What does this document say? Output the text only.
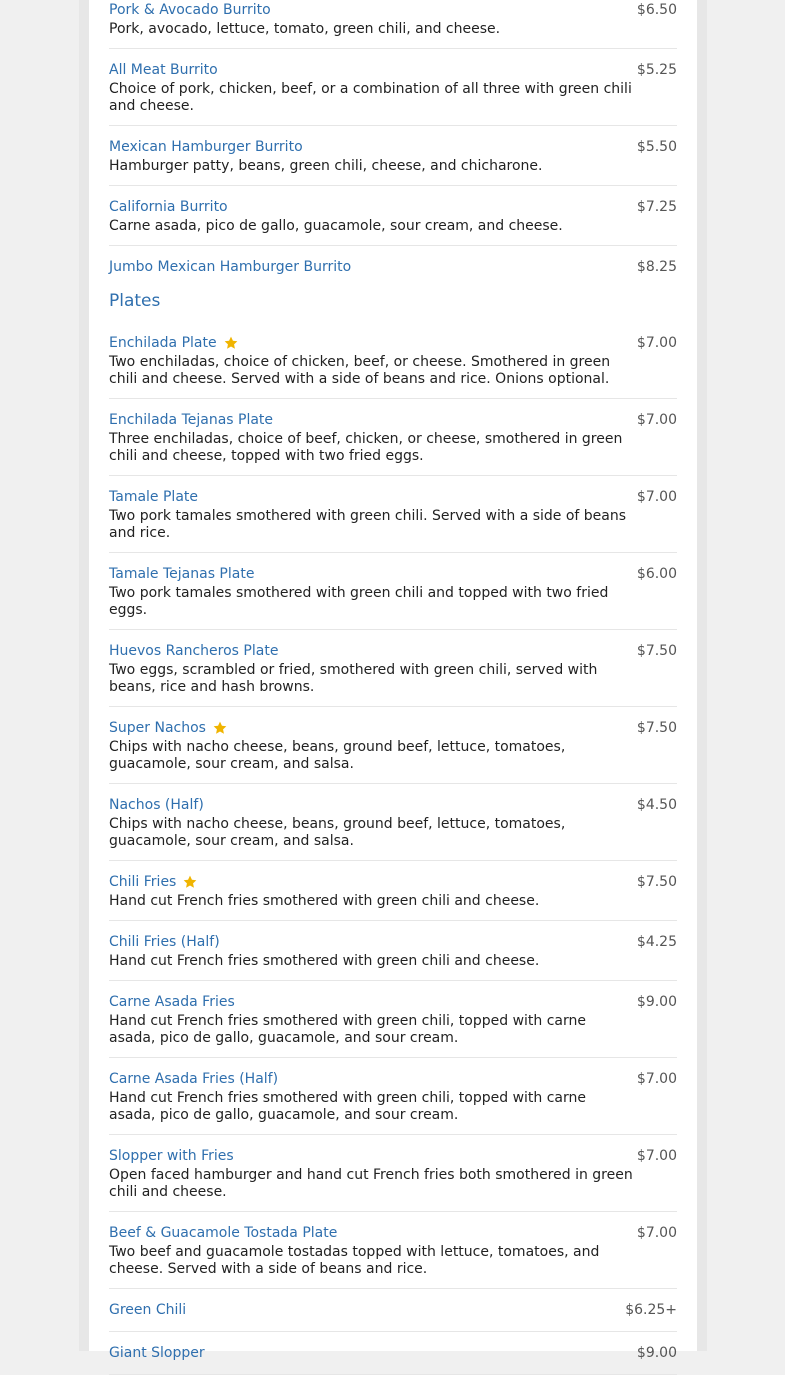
Pork & Avocado Burrito	$6.50
Pork, avocado, lettuce, tomato, green chili, and cheese.
All Meat Burrito	$5.25
Choice of pork, chicken, beef, or a combination of all three with green chili and cheese.
Mexican Hamburger Burrito	$5.50
Hamburger patty, beans, green chili, cheese, and chicharone.
California Burrito	$7.25
Carne asada, pico de gallo, guacamole, sour cream, and cheese.
Jumbo Mexican Hamburger Burrito	$8.25
Plates
Enchilada Plate	$7.00
Two enchiladas, choice of chicken, beef, or cheese. Smothered in green chili and cheese. Served with a side of beans and rice. Onions optional.
Enchilada Tejanas Plate	$7.00
Three enchiladas, choice of beef, chicken, or cheese, smothered in green chili and cheese, topped with two fried eggs.
Tamale Plate	$7.00
Two pork tamales smothered with green chili. Served with a side of beans and rice.
Tamale Tejanas Plate	$6.00
Two pork tamales smothered with green chili and topped with two fried eggs.
Huevos Rancheros Plate	$7.50
Two eggs, scrambled or fried, smothered with green chili, served with beans, rice and hash browns.
Super Nachos	$7.50
Chips with nacho cheese, beans, ground beef, lettuce, tomatoes, guacamole, sour cream, and salsa.
Nachos (Half)	$4.50
Chips with nacho cheese, beans, ground beef, lettuce, tomatoes, guacamole, sour cream, and salsa.
Chili Fries	$7.50
Hand cut French fries smothered with green chili and cheese.
Chili Fries (Half)	$4.25
Hand cut French fries smothered with green chili and cheese.
Carne Asada Fries	$9.00
Hand cut French fries smothered with green chili, topped with carne asada, pico de gallo, guacamole, and sour cream.
Carne Asada Fries (Half)	$7.00
Hand cut French fries smothered with green chili, topped with carne asada, pico de gallo, guacamole, and sour cream.
Slopper with Fries	$7.00
Open faced hamburger and hand cut French fries both smothered in green chili and cheese.
Beef & Guacamole Tostada Plate	$7.00
Two beef and guacamole tostadas topped with lettuce, tomatoes, and cheese. Served with a side of beans and rice.
Green Chili	$6.25+
Giant Slopper	$9.00
